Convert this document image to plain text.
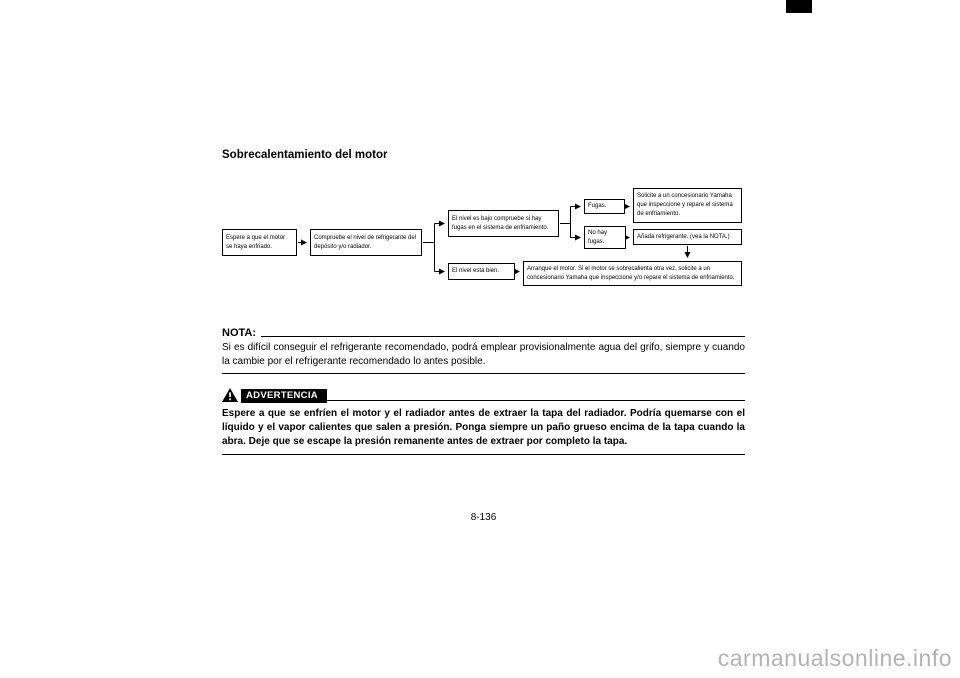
Sobrecalentamiento del motor
Espere a que el motor se haya enfriado.
Compruebe el nivel de refrigerante del depósito y/o radiador.
El nivel es bajo compruebe si hay fugas en el sistema de enfriamiento.
El nivel está bien.
Fugas.
No hay fugas.
Solicite a un concesionario Yamaha que inspeccione y repare el sistema de enfriamiento.
Añada refrigerante. (vea la NOTA.)
Arranque el motor. Si el motor se sobrecalienta otra vez, solicite a un concesionario Yamaha que inspeccione y/o repare el sistema de enfriamiento.
NOTA:

Si es difícil conseguir el refrigerante recomendado, podrá emplear provisionalmente agua del grifo, siempre y cuando la cambie por el refrigerante recomendado lo antes posible.

ADVERTENCIA

Espere a que se enfríen el motor y el radiador antes de extraer la tapa del radiador. Podría quemarse con el líquido y el vapor calientes que salen a presión. Ponga siempre un paño grueso encima de la tapa cuando la abra. Deje que se escape la presión remanente antes de extraer por completo la tapa.

8-136
carmanualsonline.info
